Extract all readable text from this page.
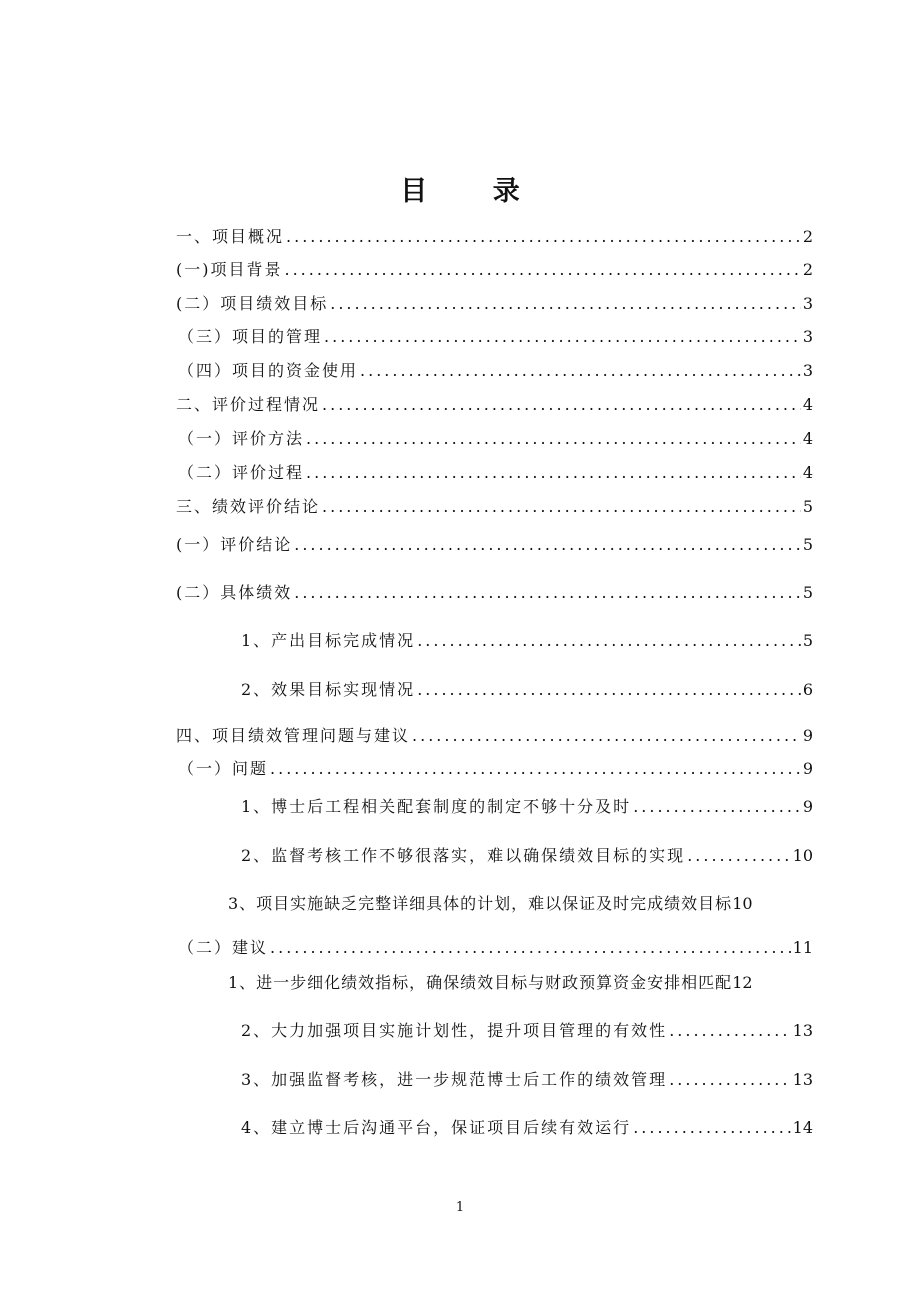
目 录
一、项目概况 .....	2
(一)项目背景 .....	2
(二）项目绩效目标 .....	3
（三）项目的管理 .....	3
（四）项目的资金使用 .....	3
二、评价过程情况 .....	4
（一）评价方法 .....	4
（二）评价过程 .....	4
三、绩效评价结论 .....	5
(一）评价结论 .....	5
(二）具体绩效 .....	5
1、产出目标完成情况 .....	5
2、效果目标实现情况 .....	6
四、项目绩效管理问题与建议 .....	9
（一）问题 .....	9
1、博士后工程相关配套制度的制定不够十分及时 .....	9
2、监督考核工作不够很落实，难以确保绩效目标的实现 .....	10
3、项目实施缺乏完整详细具体的计划，难以保证及时完成绩效目标 10
（二）建议 .....	11
1、进一步细化绩效指标，确保绩效目标与财政预算资金安排相匹配 12
2、大力加强项目实施计划性，提升项目管理的有效性 .....	13
3、加强监督考核，进一步规范博士后工作的绩效管理 .....	13
4、建立博士后沟通平台，保证项目后续有效运行 .....	14
1
